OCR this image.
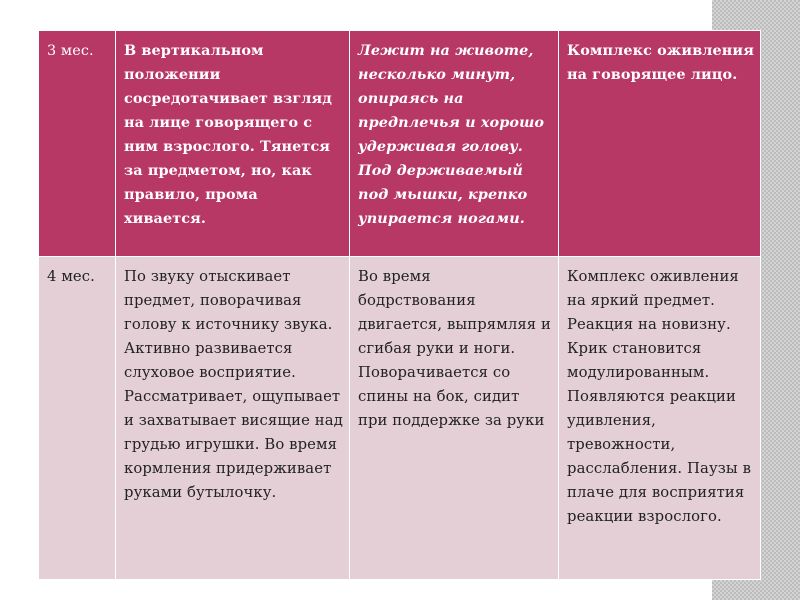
3 мес.	В вертикальном положении сосредотачивает взгляд на лице говорящего с ним взрослого. Тянется за предметом, но, как правило, прома хивается.	Лежит на животе, несколько минут, опираясь на предплечья и хорошо удерживая голову. Под держиваемый под мышки, крепко упирается ногами.	Комплекс оживления на говорящее лицо.
4 мес.	По звуку отыскивает предмет, поворачивая голову к источнику звука. Активно развивается слуховое восприятие. Рассматривает, ощупывает и захватывает висящие над грудью игрушки. Во время кормления придерживает руками бутылочку.	Во время бодрствования двигается, выпрямляя и сгибая руки и ноги. Поворачивается со спины на бок, сидит при поддержке за руки	Комплекс оживления на яркий предмет. Реакция на новизну. Крик становится модулированным. Появляются реакции удивления, тревожности, расслабления. Паузы в плаче для восприятия реакции взрослого.
